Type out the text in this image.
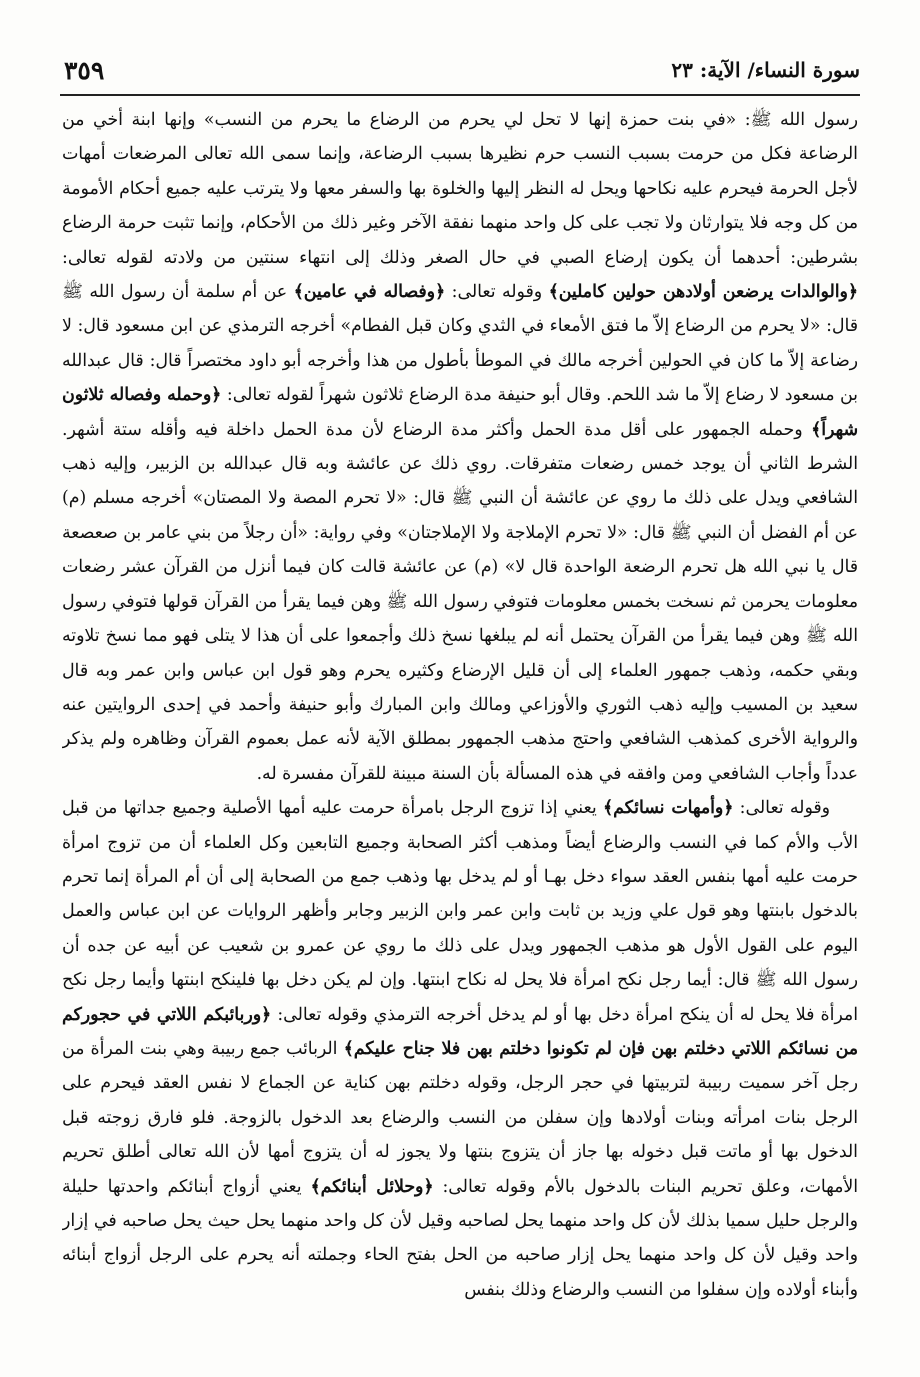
سورة النساء/ الآية: ٢٣
٣٥٩

رسول الله ﷺ: «في بنت حمزة إنها لا تحل لي يحرم من الرضاع ما يحرم من النسب» وإنها ابنة أخي من الرضاعة فكل من حرمت بسبب النسب حرم نظيرها بسبب الرضاعة، وإنما سمى الله تعالى المرضعات أمهات لأجل الحرمة فيحرم عليه نكاحها ويحل له النظر إليها والخلوة بها والسفر معها ولا يترتب عليه جميع أحكام الأمومة من كل وجه فلا يتوارثان ولا تجب على كل واحد منهما نفقة الآخر وغير ذلك من الأحكام، وإنما تثبت حرمة الرضاع بشرطين: أحدهما أن يكون إرضاع الصبي في حال الصغر وذلك إلى انتهاء سنتين من ولادته لقوله تعالى: ﴿والوالدات يرضعن أولادهن حولين كاملين﴾ وقوله تعالى: ﴿وفصاله في عامين﴾ عن أم سلمة أن رسول الله ﷺ قال: «لا يحرم من الرضاع إلاّ ما فتق الأمعاء في الثدي وكان قبل الفطام» أخرجه الترمذي عن ابن مسعود قال: لا رضاعة إلاّ ما كان في الحولين أخرجه مالك في الموطأ بأطول من هذا وأخرجه أبو داود مختصراً قال: قال عبدالله بن مسعود لا رضاع إلاّ ما شد اللحم. وقال أبو حنيفة مدة الرضاع ثلاثون شهراً لقوله تعالى: ﴿وحمله وفصاله ثلاثون شهراً﴾ وحمله الجمهور على أقل مدة الحمل وأكثر مدة الرضاع لأن مدة الحمل داخلة فيه وأقله ستة أشهر. الشرط الثاني أن يوجد خمس رضعات متفرقات. روي ذلك عن عائشة وبه قال عبدالله بن الزبير، وإليه ذهب الشافعي ويدل على ذلك ما روي عن عائشة أن النبي ﷺ قال: «لا تحرم المصة ولا المصتان» أخرجه مسلم (م) عن أم الفضل أن النبي ﷺ قال: «لا تحرم الإملاجة ولا الإملاجتان» وفي رواية: «أن رجلاً من بني عامر بن صعصعة قال يا نبي الله هل تحرم الرضعة الواحدة قال لا» (م) عن عائشة قالت كان فيما أنزل من القرآن عشر رضعات معلومات يحرمن ثم نسخت بخمس معلومات فتوفي رسول الله ﷺ وهن فيما يقرأ من القرآن قولها فتوفي رسول الله ﷺ وهن فيما يقرأ من القرآن يحتمل أنه لم يبلغها نسخ ذلك وأجمعوا على أن هذا لا يتلى فهو مما نسخ تلاوته وبقي حكمه، وذهب جمهور العلماء إلى أن قليل الإرضاع وكثيره يحرم وهو قول ابن عباس وابن عمر وبه قال سعيد بن المسيب وإليه ذهب الثوري والأوزاعي ومالك وابن المبارك وأبو حنيفة وأحمد في إحدى الروايتين عنه والرواية الأخرى كمذهب الشافعي واحتج مذهب الجمهور بمطلق الآية لأنه عمل بعموم القرآن وظاهره ولم يذكر عدداً وأجاب الشافعي ومن وافقه في هذه المسألة بأن السنة مبينة للقرآن مفسرة له.

وقوله تعالى: ﴿وأمهات نسائكم﴾ يعني إذا تزوج الرجل بامرأة حرمت عليه أمها الأصلية وجميع جداتها من قبل الأب والأم كما في النسب والرضاع أيضاً ومذهب أكثر الصحابة وجميع التابعين وكل العلماء أن من تزوج امرأة حرمت عليه أمها بنفس العقد سواء دخل بهـا أو لم يدخل بها وذهب جمع من الصحابة إلى أن أم المرأة إنما تحرم بالدخول بابنتها وهو قول علي وزيد بن ثابت وابن عمر وابن الزبير وجابر وأظهر الروايات عن ابن عباس والعمل اليوم على القول الأول هو مذهب الجمهور ويدل على ذلك ما روي عن عمرو بن شعيب عن أبيه عن جده أن رسول الله ﷺ قال: أيما رجل نكح امرأة فلا يحل له نكاح ابنتها. وإن لم يكن دخل بها فلينكح ابنتها وأيما رجل نكح امرأة فلا يحل له أن ينكح امرأة دخل بها أو لم يدخل أخرجه الترمذي وقوله تعالى: ﴿وربائبكم اللاتي في حجوركم من نسائكم اللاتي دخلتم بهن فإن لم تكونوا دخلتم بهن فلا جناح عليكم﴾ الربائب جمع ربيبة وهي بنت المرأة من رجل آخر سميت ربيبة لتربيتها في حجر الرجل، وقوله دخلتم بهن كناية عن الجماع لا نفس العقد فيحرم على الرجل بنات امرأته وبنات أولادها وإن سفلن من النسب والرضاع بعد الدخول بالزوجة. فلو فارق زوجته قبل الدخول بها أو ماتت قبل دخوله بها جاز أن يتزوج بنتها ولا يجوز له أن يتزوج أمها لأن الله تعالى أطلق تحريم الأمهات، وعلق تحريم البنات بالدخول بالأم وقوله تعالى: ﴿وحلائل أبنائكم﴾ يعني أزواج أبنائكم واحدتها حليلة والرجل حليل سميا بذلك لأن كل واحد منهما يحل لصاحبه وقيل لأن كل واحد منهما يحل حيث يحل صاحبه في إزار واحد وقيل لأن كل واحد منهما يحل إزار صاحبه من الحل بفتح الحاء وجملته أنه يحرم على الرجل أزواج أبنائه وأبناء أولاده وإن سفلوا من النسب والرضاع وذلك بنفس
